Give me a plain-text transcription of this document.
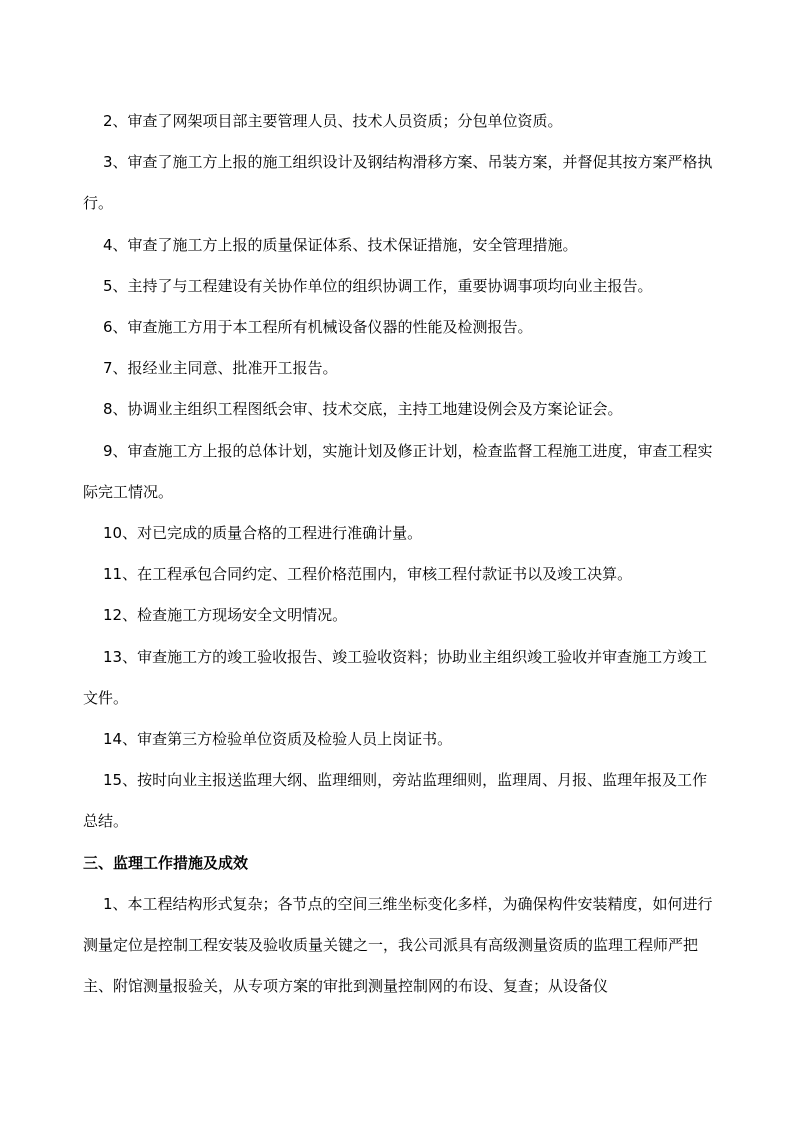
2、审查了网架项目部主要管理人员、技术人员资质；分包单位资质。

3、审查了施工方上报的施工组织设计及钢结构滑移方案、吊装方案，并督促其按方案严格执行。

4、审查了施工方上报的质量保证体系、技术保证措施，安全管理措施。

5、主持了与工程建设有关协作单位的组织协调工作，重要协调事项均向业主报告。

6、审查施工方用于本工程所有机械设备仪器的性能及检测报告。

7、报经业主同意、批准开工报告。

8、协调业主组织工程图纸会审、技术交底，主持工地建设例会及方案论证会。

9、审查施工方上报的总体计划，实施计划及修正计划，检查监督工程施工进度，审查工程实际完工情况。

10、对已完成的质量合格的工程进行准确计量。

11、在工程承包合同约定、工程价格范围内，审核工程付款证书以及竣工决算。

12、检查施工方现场安全文明情况。

13、审查施工方的竣工验收报告、竣工验收资料；协助业主组织竣工验收并审查施工方竣工文件。

14、审查第三方检验单位资质及检验人员上岗证书。

15、按时向业主报送监理大纲、监理细则，旁站监理细则，监理周、月报、监理年报及工作总结。

三、监理工作措施及成效

1、本工程结构形式复杂；各节点的空间三维坐标变化多样，为确保构件安装精度，如何进行测量定位是控制工程安装及验收质量关键之一，我公司派具有高级测量资质的监理工程师严把主、附馆测量报验关，从专项方案的审批到测量控制网的布设、复查；从设备仪
